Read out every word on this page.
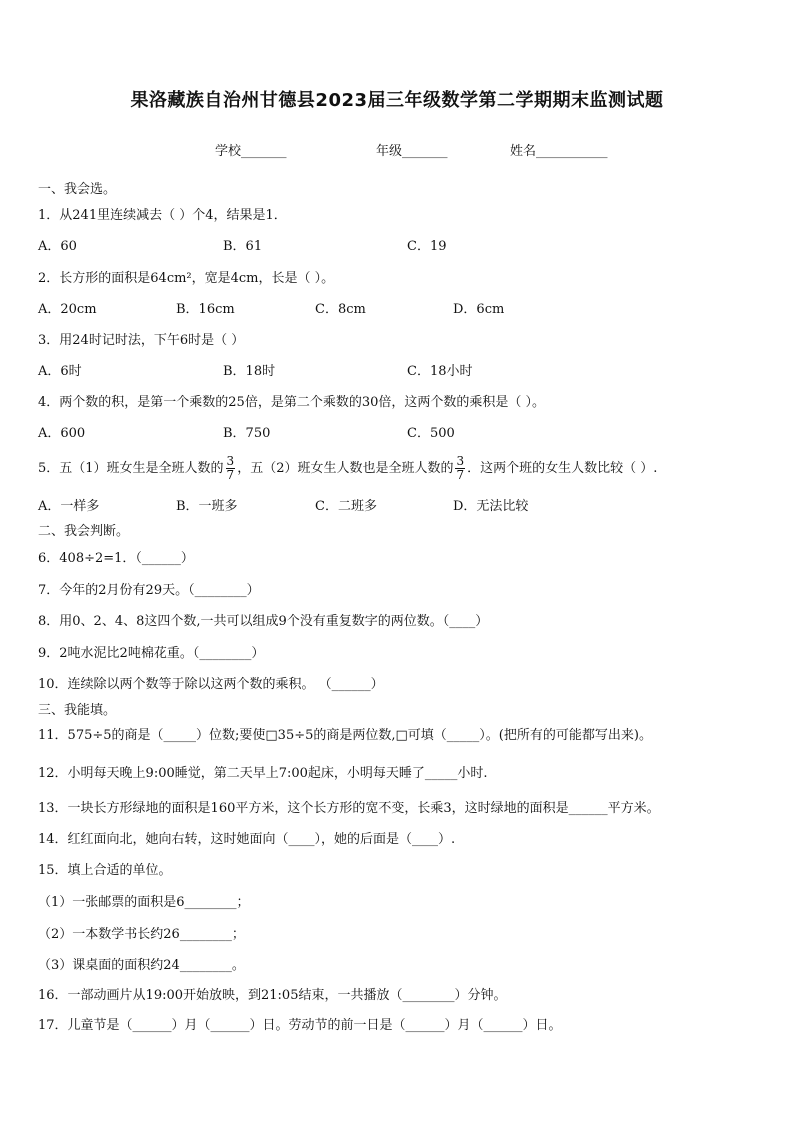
果洛藏族自治州甘德县2023届三年级数学第二学期期末监测试题
学校_______	年级_______	姓名___________
一、我会选。
1．从241里连续减去（ ）个4，结果是1．
A．60	B．61	C．19
2．长方形的面积是64cm²，宽是4cm，长是（ ）。
A．20cm	B．16cm	C．8cm	D．6cm
3．用24时记时法，下午6时是（ ）
A．6时	B．18时	C．18小时
4．两个数的积，是第一个乘数的25倍，是第二个乘数的30倍，这两个数的乘积是（ ）。
A．600	B．750	C．500
5．五（1）班女生是全班人数的 $\frac{3}{7}$ ，五（2）班女生人数也是全班人数的 $\frac{3}{7}$ ．这两个班的女生人数比较（ ）.
A．一样多	B．一班多	C．二班多	D．无法比较
二、我会判断。
6．408÷2=1．（______）
7．今年的2月份有29天。（________）
8．用0、2、4、8这四个数,一共可以组成9个没有重复数字的两位数。（____）
9．2吨水泥比2吨棉花重。（________）
10．连续除以两个数等于除以这两个数的乘积。 （______）
三、我能填。
11．575÷5的商是（_____）位数;要使□35÷5的商是两位数,□可填（_____）。(把所有的可能都写出来)。
12．小明每天晚上9:00睡觉，第二天早上7:00起床，小明每天睡了_____小时.
13．一块长方形绿地的面积是160平方米，这个长方形的宽不变，长乘3，这时绿地的面积是______平方米。
14．红红面向北，她向右转，这时她面向（____），她的后面是（____）.
15．填上合适的单位。
（1）一张邮票的面积是6________；
（2）一本数学书长约26________；
（3）课桌面的面积约24________。
16．一部动画片从19:00开始放映，到21:05结束，一共播放（________）分钟。
17．儿童节是（______）月（______）日。劳动节的前一日是（______）月（______）日。
